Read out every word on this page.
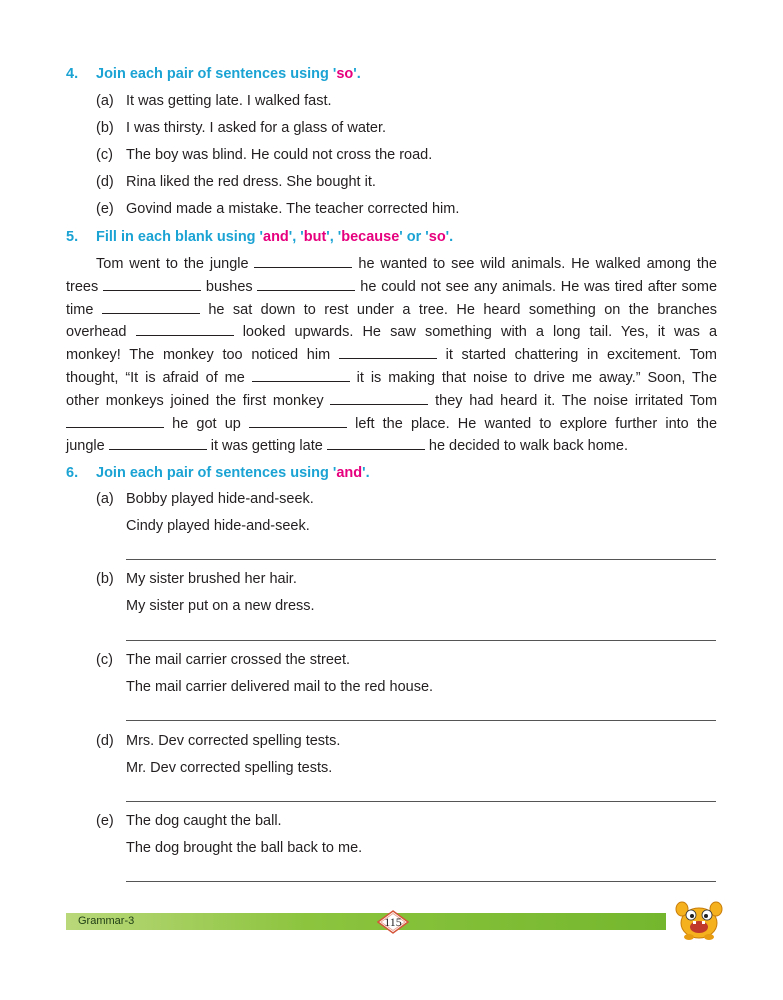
4. Join each pair of sentences using 'so'.
(a) It was getting late. I walked fast.
(b) I was thirsty. I asked for a glass of water.
(c) The boy was blind. He could not cross the road.
(d) Rina liked the red dress. She bought it.
(e) Govind made a mistake. The teacher corrected him.
5. Fill in each blank using 'and', 'but', 'because' or 'so'.
Tom went to the jungle	he wanted to see wild animals. He walked among the
trees	bushes	he could not see any animals. He was tired after some
time	he sat down to rest under a tree. He heard something on the branches
overhead	looked upwards. He saw something with a long tail. Yes, it was a
monkey! The monkey too noticed him	it started chattering in excitement. Tom
thought, “It is afraid of me	it is making that noise to drive me away.” Soon, The
other monkeys joined the first monkey	they had heard it. The noise irritated Tom
he got up	left the place. He wanted to explore further into the
jungle	it was getting late	he decided to walk back home.
6. Join each pair of sentences using 'and'.
(a) Bobby played hide-and-seek.
Cindy played hide-and-seek.
(b) My sister brushed her hair.
My sister put on a new dress.
(c) The mail carrier crossed the street.
The mail carrier delivered mail to the red house.
(d) Mrs. Dev corrected spelling tests.
Mr. Dev corrected spelling tests.
(e) The dog caught the ball.
The dog brought the ball back to me.
Grammar-3	115
